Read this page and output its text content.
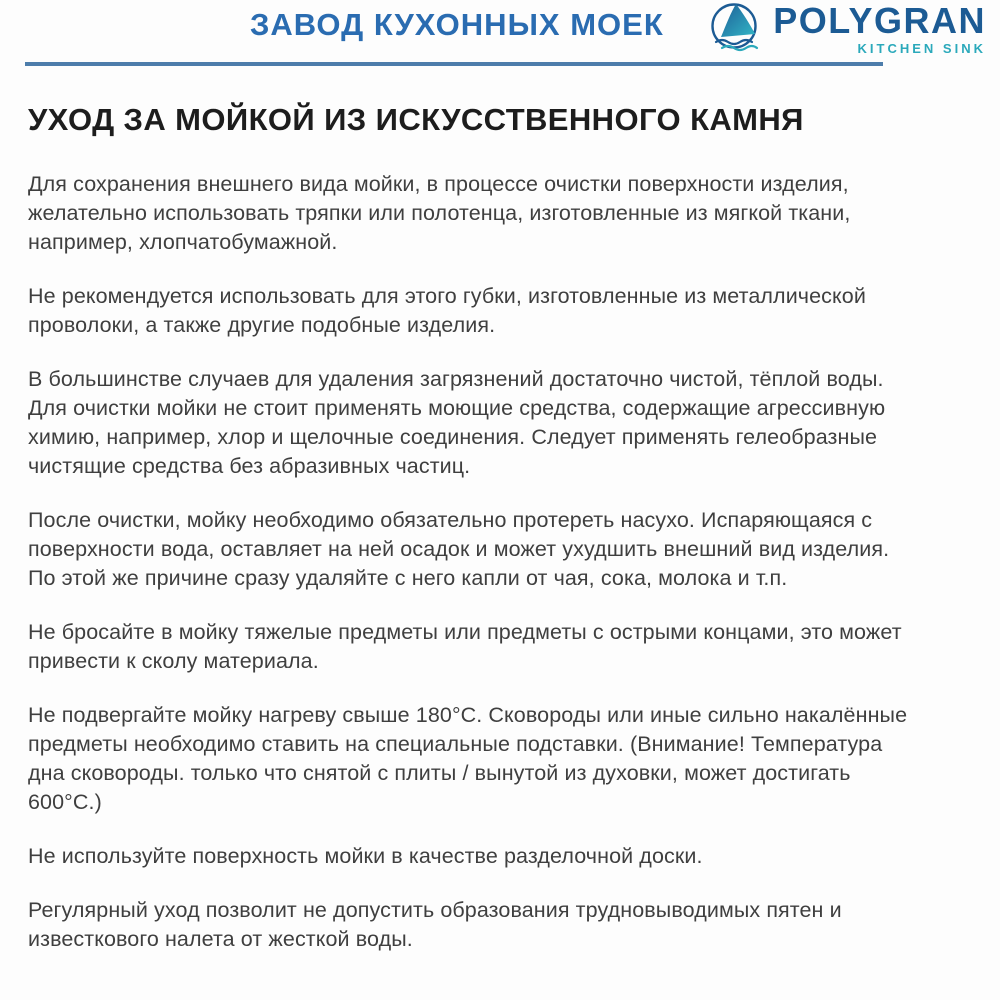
ЗАВОД КУХОННЫХ МОЕК	POLYGRAN
KITCHEN SINK
УХОД ЗА МОЙКОЙ ИЗ ИСКУССТВЕННОГО КАМНЯ

Для сохранения внешнего вида мойки, в процессе очистки поверхности изделия, желательно использовать тряпки или полотенца, изготовленные из мягкой ткани, например, хлопчатобумажной.

Не рекомендуется использовать для этого губки, изготовленные из металлической проволоки, а также другие подобные изделия.

В большинстве случаев для удаления загрязнений достаточно чистой, тёплой воды. Для очистки мойки не стоит применять моющие средства, содержащие агрессивную химию, например, хлор и щелочные соединения. Следует применять гелеобразные чистящие средства без абразивных частиц.

После очистки, мойку необходимо обязательно протереть насухо. Испаряющаяся с поверхности вода, оставляет на ней осадок и может ухудшить внешний вид изделия. По этой же причине сразу удаляйте с него капли от чая, сока, молока и т.п.

Не бросайте в мойку тяжелые предметы или предметы с острыми концами, это может привести к сколу материала.

Не подвергайте мойку нагреву свыше 180°С. Сковороды или иные сильно накалённые предметы необходимо ставить на специальные подставки. (Внимание! Температура дна сковороды. только что снятой с плиты / вынутой из духовки, может достигать 600°С.)

Не используйте поверхность мойки в качестве разделочной доски.

Регулярный уход позволит не допустить образования трудновыводимых пятен и известкового налета от жесткой воды.
